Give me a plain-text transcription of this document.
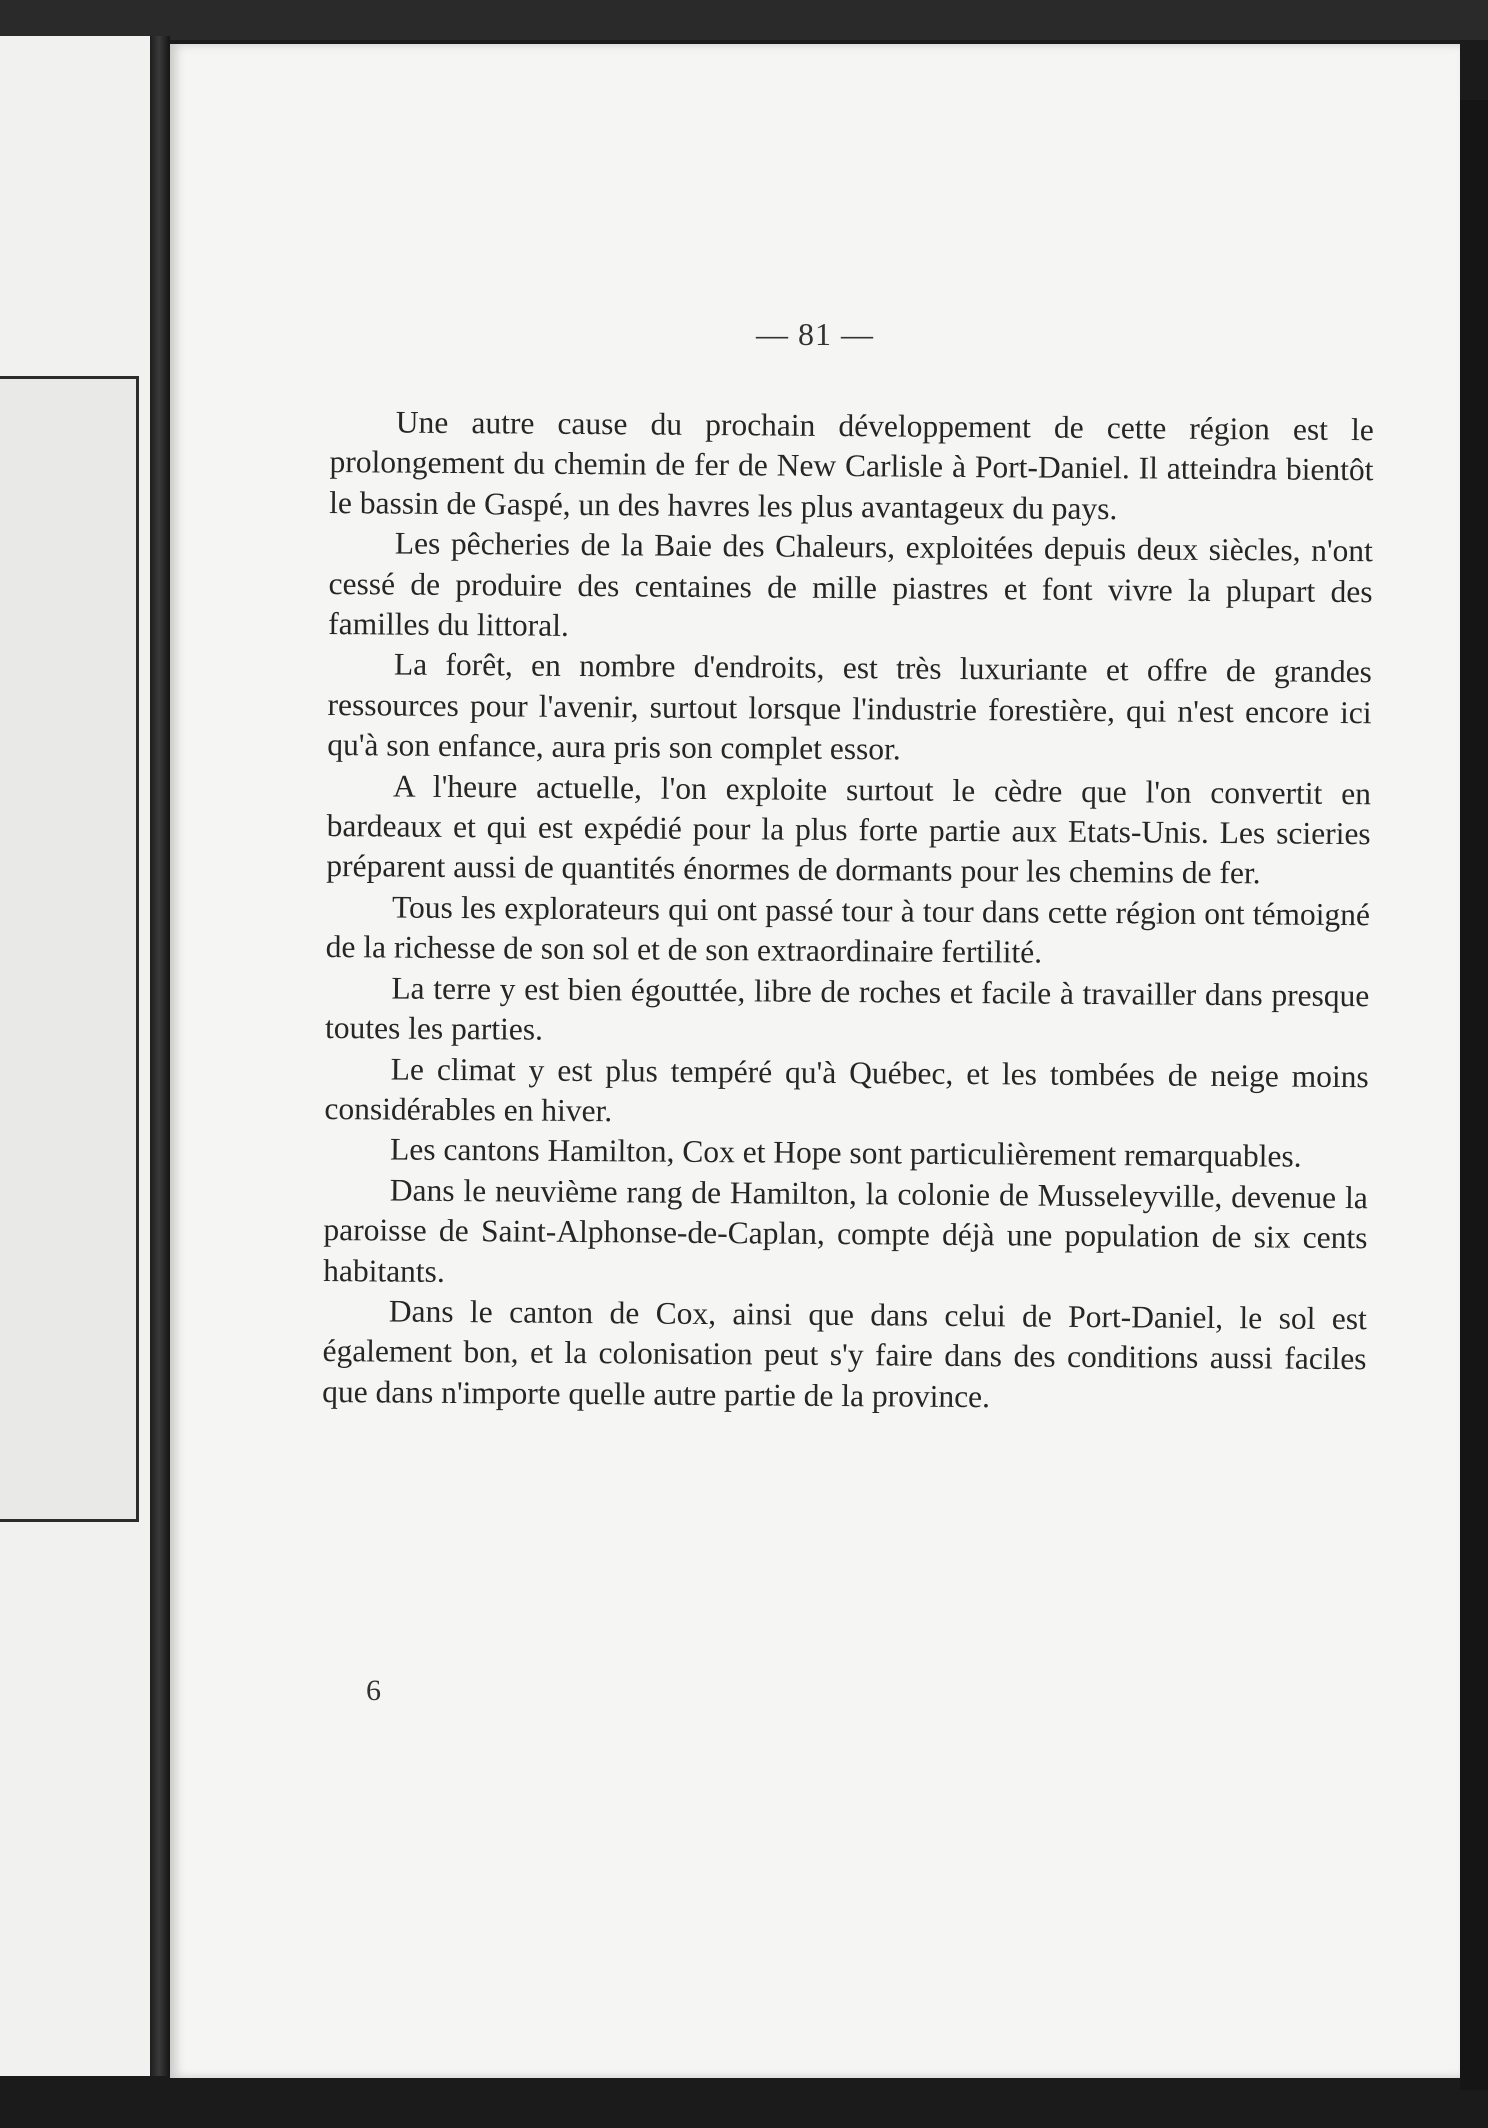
— 81 —

Une autre cause du prochain développement de cette région est le prolongement du chemin de fer de New Carlisle à Port-Daniel. Il atteindra bientôt le bassin de Gaspé, un des havres les plus avantageux du pays.

Les pêcheries de la Baie des Chaleurs, exploitées depuis deux siècles, n'ont cessé de produire des centaines de mille piastres et font vivre la plupart des familles du littoral.

La forêt, en nombre d'endroits, est très luxuriante et offre de grandes ressources pour l'avenir, surtout lorsque l'industrie forestière, qui n'est encore ici qu'à son enfance, aura pris son complet essor.

A l'heure actuelle, l'on exploite surtout le cèdre que l'on convertit en bardeaux et qui est expédié pour la plus forte partie aux Etats-Unis. Les scieries préparent aussi de quantités énormes de dormants pour les chemins de fer.

Tous les explorateurs qui ont passé tour à tour dans cette région ont témoigné de la richesse de son sol et de son extraordinaire fertilité.

La terre y est bien égouttée, libre de roches et facile à travailler dans presque toutes les parties.

Le climat y est plus tempéré qu'à Québec, et les tombées de neige moins considérables en hiver.

Les cantons Hamilton, Cox et Hope sont particulièrement remarquables.

Dans le neuvième rang de Hamilton, la colonie de Musseleyville, devenue la paroisse de Saint-Alphonse-de-Caplan, compte déjà une population de six cents habitants.

Dans le canton de Cox, ainsi que dans celui de Port-Daniel, le sol est également bon, et la colonisation peut s'y faire dans des conditions aussi faciles que dans n'importe quelle autre partie de la province.

6
